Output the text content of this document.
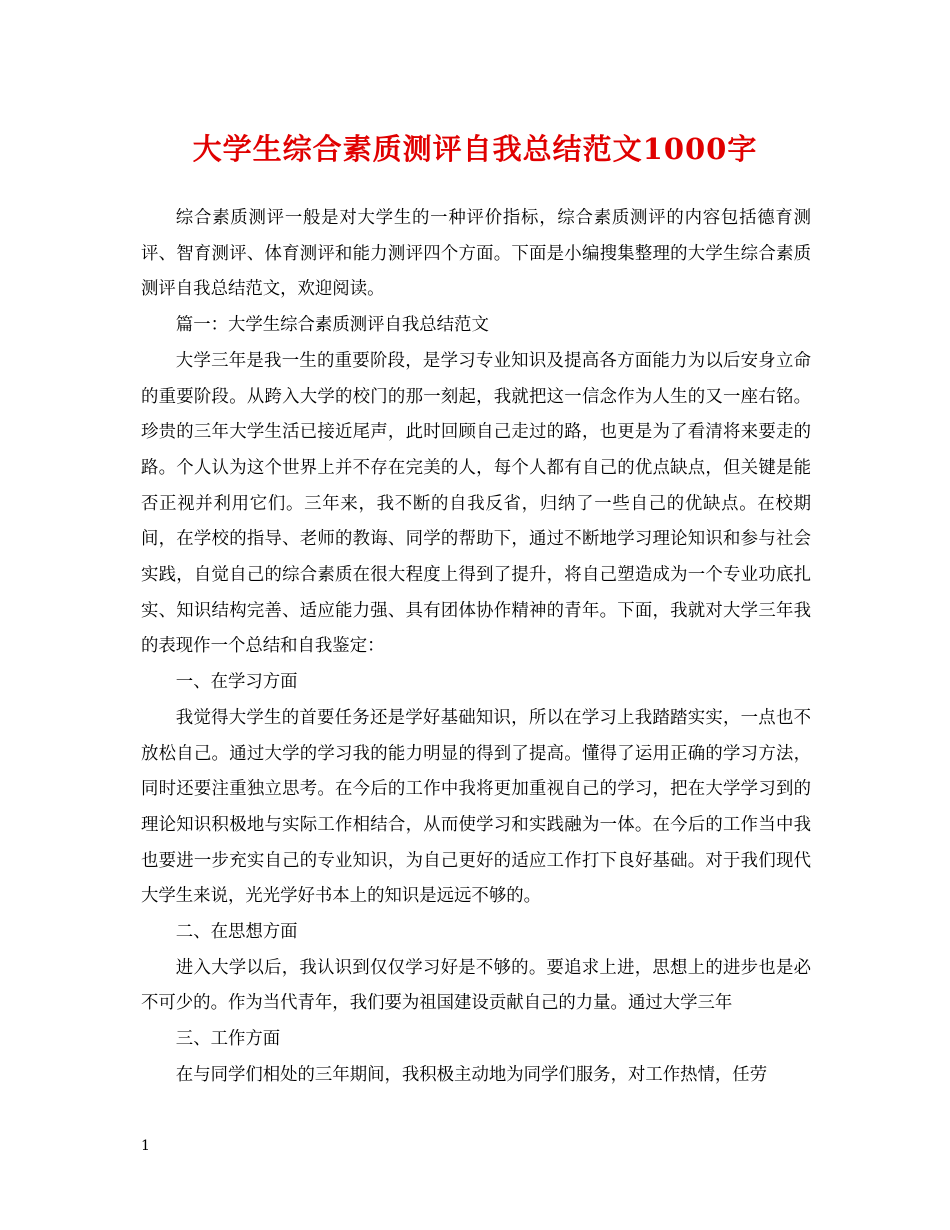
大学生综合素质测评自我总结范文1000字

综合素质测评一般是对大学生的一种评价指标，综合素质测评的内容包括德育测评、智育测评、体育测评和能力测评四个方面。下面是小编搜集整理的大学生综合素质测评自我总结范文，欢迎阅读。

篇一：大学生综合素质测评自我总结范文

大学三年是我一生的重要阶段，是学习专业知识及提高各方面能力为以后安身立命的重要阶段。从跨入大学的校门的那一刻起，我就把这一信念作为人生的又一座右铭。珍贵的三年大学生活已接近尾声，此时回顾自己走过的路，也更是为了看清将来要走的路。个人认为这个世界上并不存在完美的人，每个人都有自己的优点缺点，但关键是能否正视并利用它们。三年来，我不断的自我反省，归纳了一些自己的优缺点。在校期间，在学校的指导、老师的教诲、同学的帮助下，通过不断地学习理论知识和参与社会实践，自觉自己的综合素质在很大程度上得到了提升，将自己塑造成为一个专业功底扎实、知识结构完善、适应能力强、具有团体协作精神的青年。下面，我就对大学三年我的表现作一个总结和自我鉴定：

一、在学习方面

我觉得大学生的首要任务还是学好基础知识，所以在学习上我踏踏实实，一点也不放松自己。通过大学的学习我的能力明显的得到了提高。懂得了运用正确的学习方法，同时还要注重独立思考。在今后的工作中我将更加重视自己的学习，把在大学学习到的理论知识积极地与实际工作相结合，从而使学习和实践融为一体。在今后的工作当中我也要进一步充实自己的专业知识，为自己更好的适应工作打下良好基础。对于我们现代大学生来说，光光学好书本上的知识是远远不够的。

二、在思想方面

进入大学以后，我认识到仅仅学习好是不够的。要追求上进，思想上的进步也是必不可少的。作为当代青年，我们要为祖国建设贡献自己的力量。通过大学三年

三、工作方面

在与同学们相处的三年期间，我积极主动地为同学们服务，对工作热情，任劳

1
